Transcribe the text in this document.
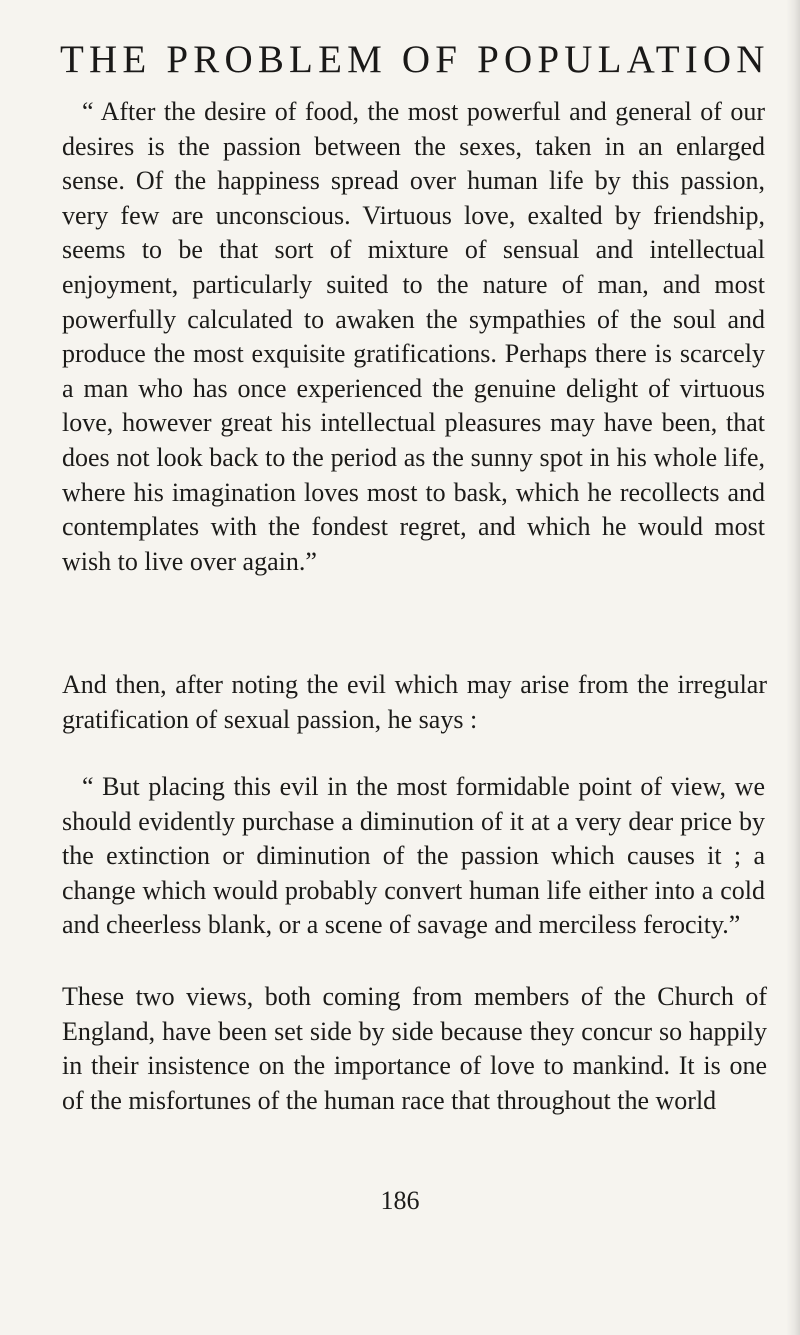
THE PROBLEM OF POPULATION

“ After the desire of food, the most powerful and general of our desires is the passion between the sexes, taken in an enlarged sense. Of the happiness spread over human life by this passion, very few are unconscious. Virtuous love, exalted by friendship, seems to be that sort of mixture of sensual and intellectual enjoyment, particularly suited to the nature of man, and most powerfully calculated to awaken the sympathies of the soul and produce the most exquisite gratifications. Perhaps there is scarcely a man who has once experienced the genuine delight of virtuous love, however great his intellectual pleasures may have been, that does not look back to the period as the sunny spot in his whole life, where his imagination loves most to bask, which he recollects and contemplates with the fondest regret, and which he would most wish to live over again.”

And then, after noting the evil which may arise from the irregular gratification of sexual passion, he says :

“ But placing this evil in the most formidable point of view, we should evidently purchase a diminution of it at a very dear price by the extinction or diminution of the passion which causes it ; a change which would probably convert human life either into a cold and cheerless blank, or a scene of savage and merciless ferocity.”

These two views, both coming from members of the Church of England, have been set side by side because they concur so happily in their insistence on the importance of love to mankind. It is one of the misfortunes of the human race that throughout the world

186
